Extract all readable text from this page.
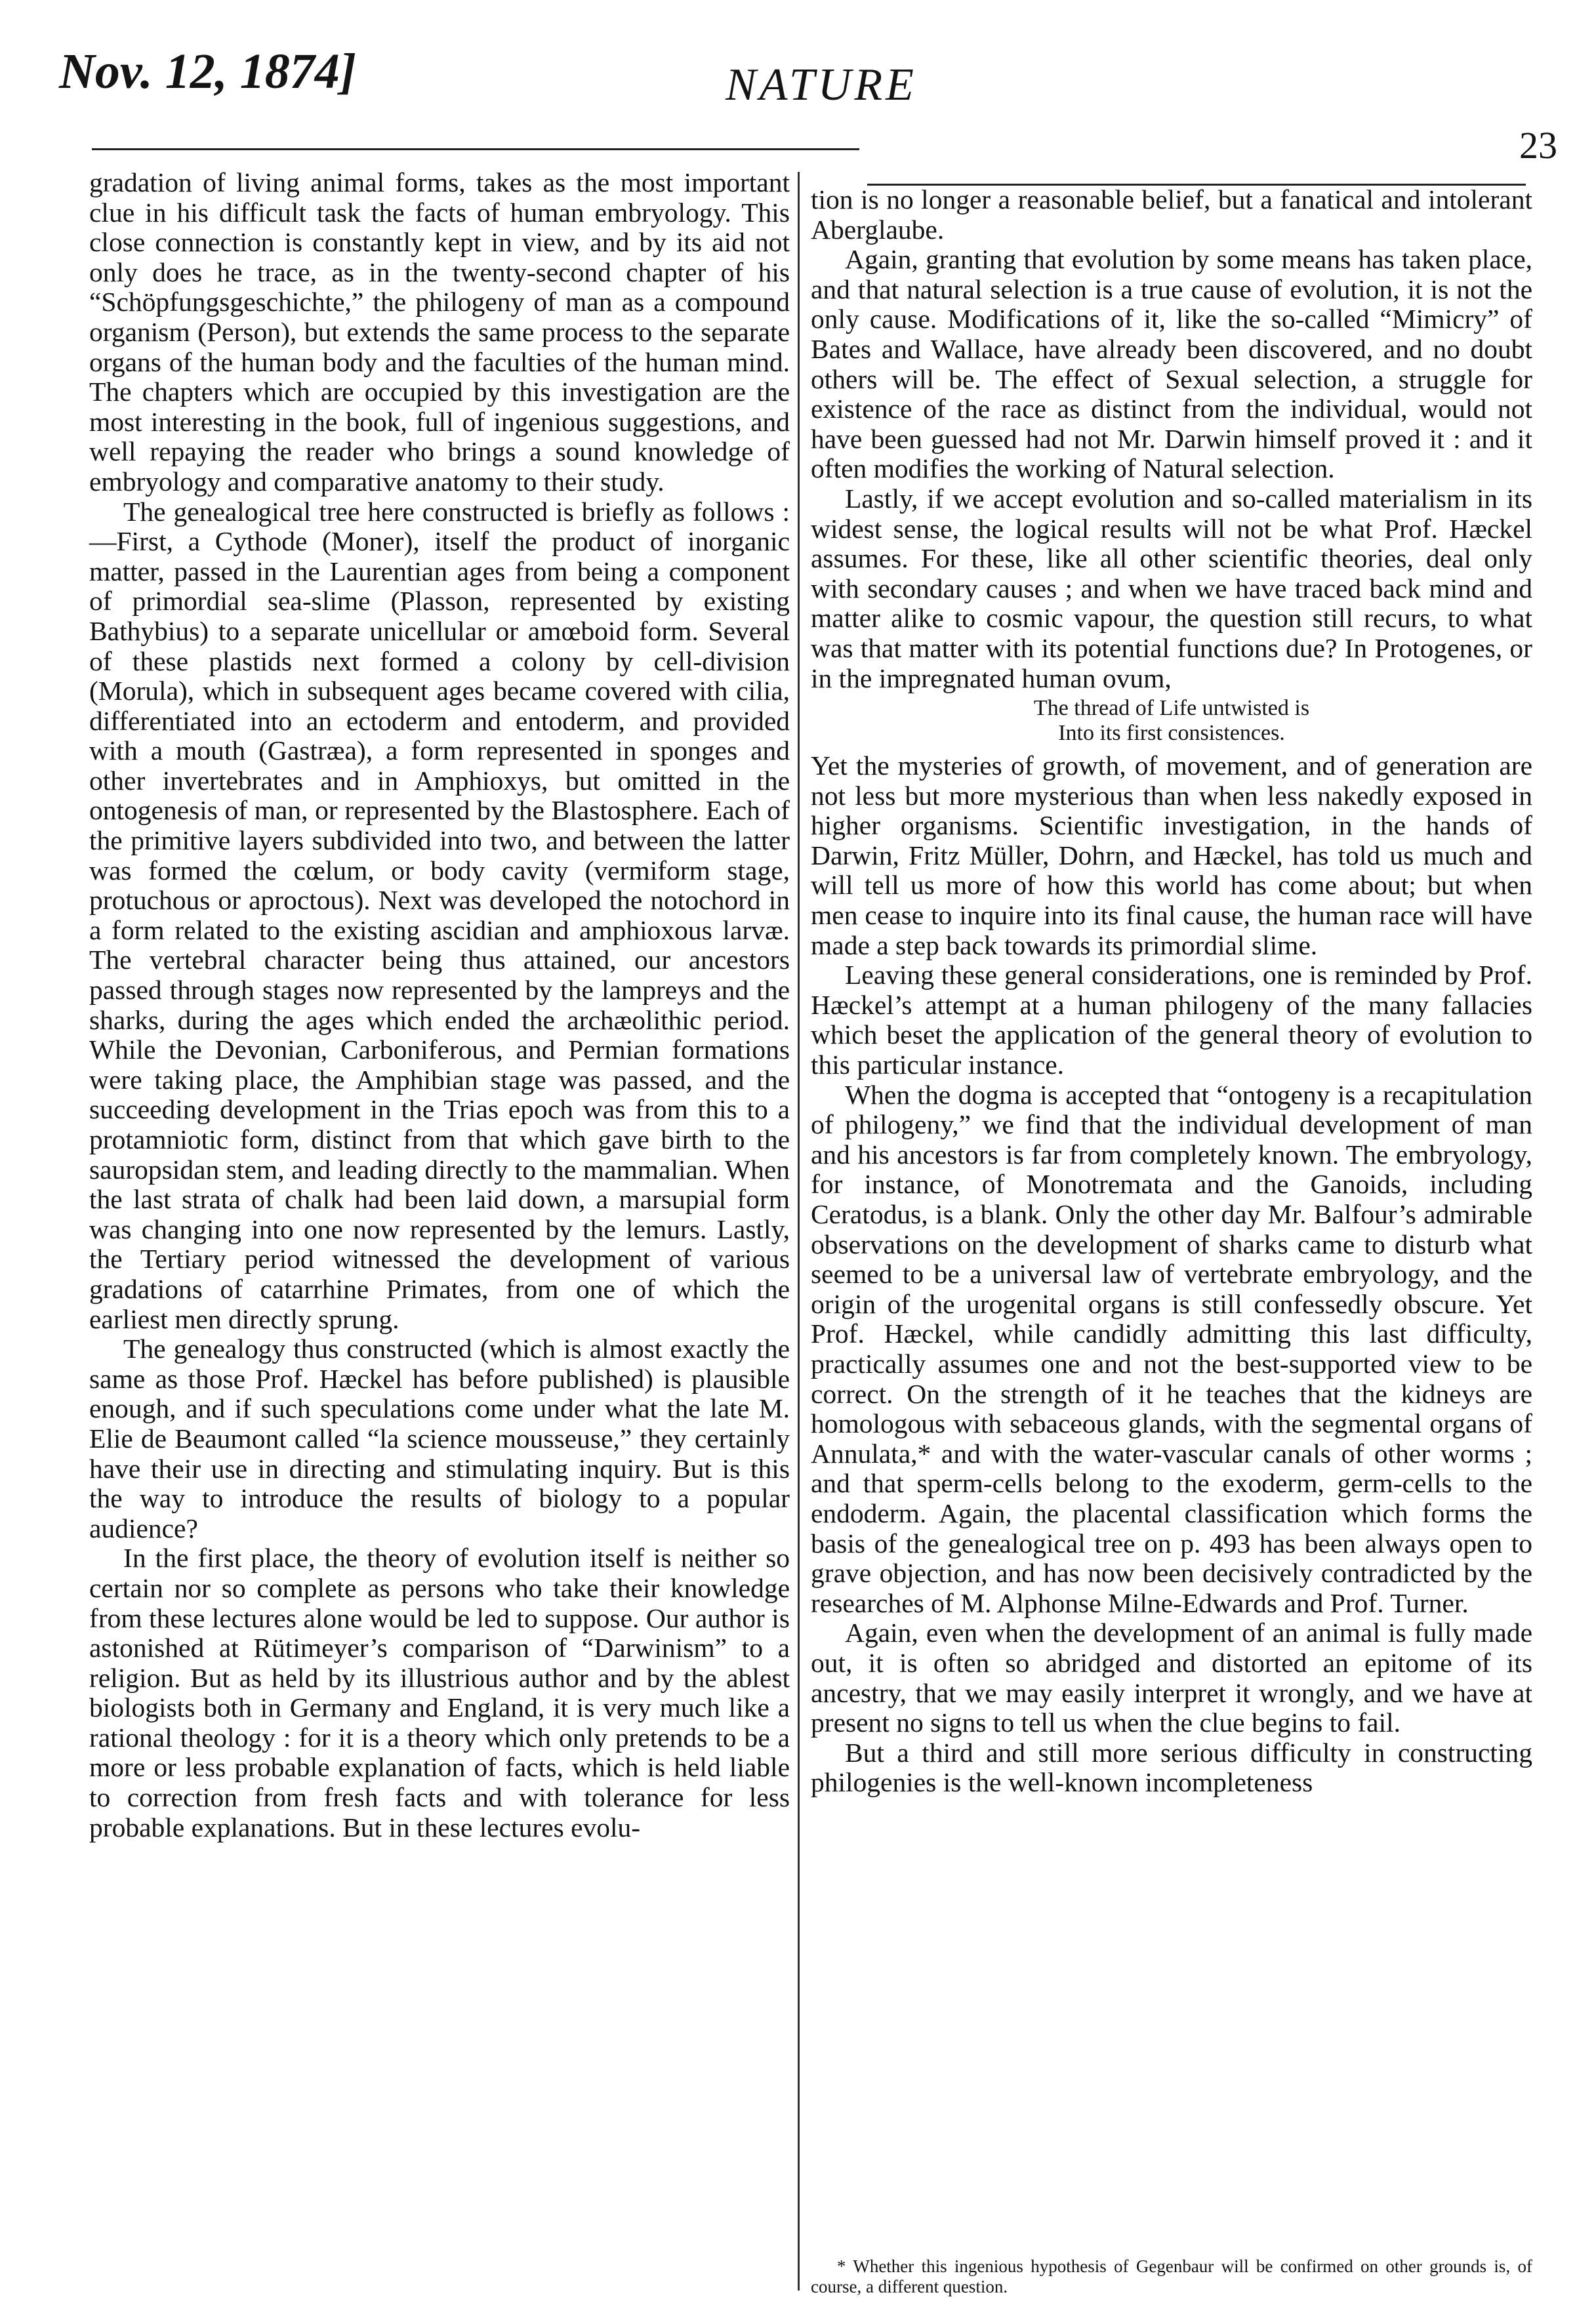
Nov. 12, 1874]	NATURE
23

gradation of living animal forms, takes as the most important clue in his difficult task the facts of human embryology. This close connection is constantly kept in view, and by its aid not only does he trace, as in the twenty-second chapter of his “Schöpfungsgeschichte,” the philogeny of man as a compound organism (Person), but extends the same process to the separate organs of the human body and the faculties of the human mind. The chapters which are occupied by this investigation are the most interesting in the book, full of ingenious suggestions, and well repaying the reader who brings a sound knowledge of embryology and comparative anatomy to their study.

The genealogical tree here constructed is briefly as follows :—First, a Cythode (Moner), itself the product of inorganic matter, passed in the Laurentian ages from being a component of primordial sea-slime (Plasson, represented by existing Bathybius) to a separate unicellular or amœboid form. Several of these plastids next formed a colony by cell-division (Morula), which in subsequent ages became covered with cilia, differentiated into an ectoderm and entoderm, and provided with a mouth (Gastræa), a form represented in sponges and other invertebrates and in Amphioxys, but omitted in the ontogenesis of man, or represented by the Blastosphere. Each of the primitive layers subdivided into two, and between the latter was formed the cœlum, or body cavity (vermiform stage, protuchous or aproctous). Next was developed the notochord in a form related to the existing ascidian and amphioxous larvæ. The vertebral character being thus attained, our ancestors passed through stages now represented by the lampreys and the sharks, during the ages which ended the archæolithic period. While the Devonian, Carboniferous, and Permian formations were taking place, the Amphibian stage was passed, and the succeeding development in the Trias epoch was from this to a protamniotic form, distinct from that which gave birth to the sauropsidan stem, and leading directly to the mammalian. When the last strata of chalk had been laid down, a marsupial form was changing into one now represented by the lemurs. Lastly, the Tertiary period witnessed the development of various gradations of catarrhine Primates, from one of which the earliest men directly sprung.

The genealogy thus constructed (which is almost exactly the same as those Prof. Hæckel has before published) is plausible enough, and if such speculations come under what the late M. Elie de Beaumont called “la science mousseuse,” they certainly have their use in directing and stimulating inquiry. But is this the way to introduce the results of biology to a popular audience?

In the first place, the theory of evolution itself is neither so certain nor so complete as persons who take their knowledge from these lectures alone would be led to suppose. Our author is astonished at Rütimeyer’s comparison of “Darwinism” to a religion. But as held by its illustrious author and by the ablest biologists both in Germany and England, it is very much like a rational theology : for it is a theory which only pretends to be a more or less probable explanation of facts, which is held liable to correction from fresh facts and with tolerance for less probable explanations. But in these lectures evolu-

tion is no longer a reasonable belief, but a fanatical and intolerant Aberglaube.

Again, granting that evolution by some means has taken place, and that natural selection is a true cause of evolution, it is not the only cause. Modifications of it, like the so-called “Mimicry” of Bates and Wallace, have already been discovered, and no doubt others will be. The effect of Sexual selection, a struggle for existence of the race as distinct from the individual, would not have been guessed had not Mr. Darwin himself proved it : and it often modifies the working of Natural selection.

Lastly, if we accept evolution and so-called materialism in its widest sense, the logical results will not be what Prof. Hæckel assumes. For these, like all other scientific theories, deal only with secondary causes ; and when we have traced back mind and matter alike to cosmic vapour, the question still recurs, to what was that matter with its potential functions due? In Protogenes, or in the impregnated human ovum,

The thread of Life untwisted is
Into its first consistences.

Yet the mysteries of growth, of movement, and of generation are not less but more mysterious than when less nakedly exposed in higher organisms. Scientific investigation, in the hands of Darwin, Fritz Müller, Dohrn, and Hæckel, has told us much and will tell us more of how this world has come about; but when men cease to inquire into its final cause, the human race will have made a step back towards its primordial slime.

Leaving these general considerations, one is reminded by Prof. Hæckel’s attempt at a human philogeny of the many fallacies which beset the application of the general theory of evolution to this particular instance.

When the dogma is accepted that “ontogeny is a recapitulation of philogeny,” we find that the individual development of man and his ancestors is far from completely known. The embryology, for instance, of Monotremata and the Ganoids, including Ceratodus, is a blank. Only the other day Mr. Balfour’s admirable observations on the development of sharks came to disturb what seemed to be a universal law of vertebrate embryology, and the origin of the urogenital organs is still confessedly obscure. Yet Prof. Hæckel, while candidly admitting this last difficulty, practically assumes one and not the best-supported view to be correct. On the strength of it he teaches that the kidneys are homologous with sebaceous glands, with the segmental organs of Annulata,* and with the water-vascular canals of other worms ; and that sperm-cells belong to the exoderm, germ-cells to the endoderm. Again, the placental classification which forms the basis of the genealogical tree on p. 493 has been always open to grave objection, and has now been decisively contradicted by the researches of M. Alphonse Milne-Edwards and Prof. Turner.

Again, even when the development of an animal is fully made out, it is often so abridged and distorted an epitome of its ancestry, that we may easily interpret it wrongly, and we have at present no signs to tell us when the clue begins to fail.

But a third and still more serious difficulty in constructing philogenies is the well-known incompleteness

* Whether this ingenious hypothesis of Gegenbaur will be confirmed on other grounds is, of course, a different question.
